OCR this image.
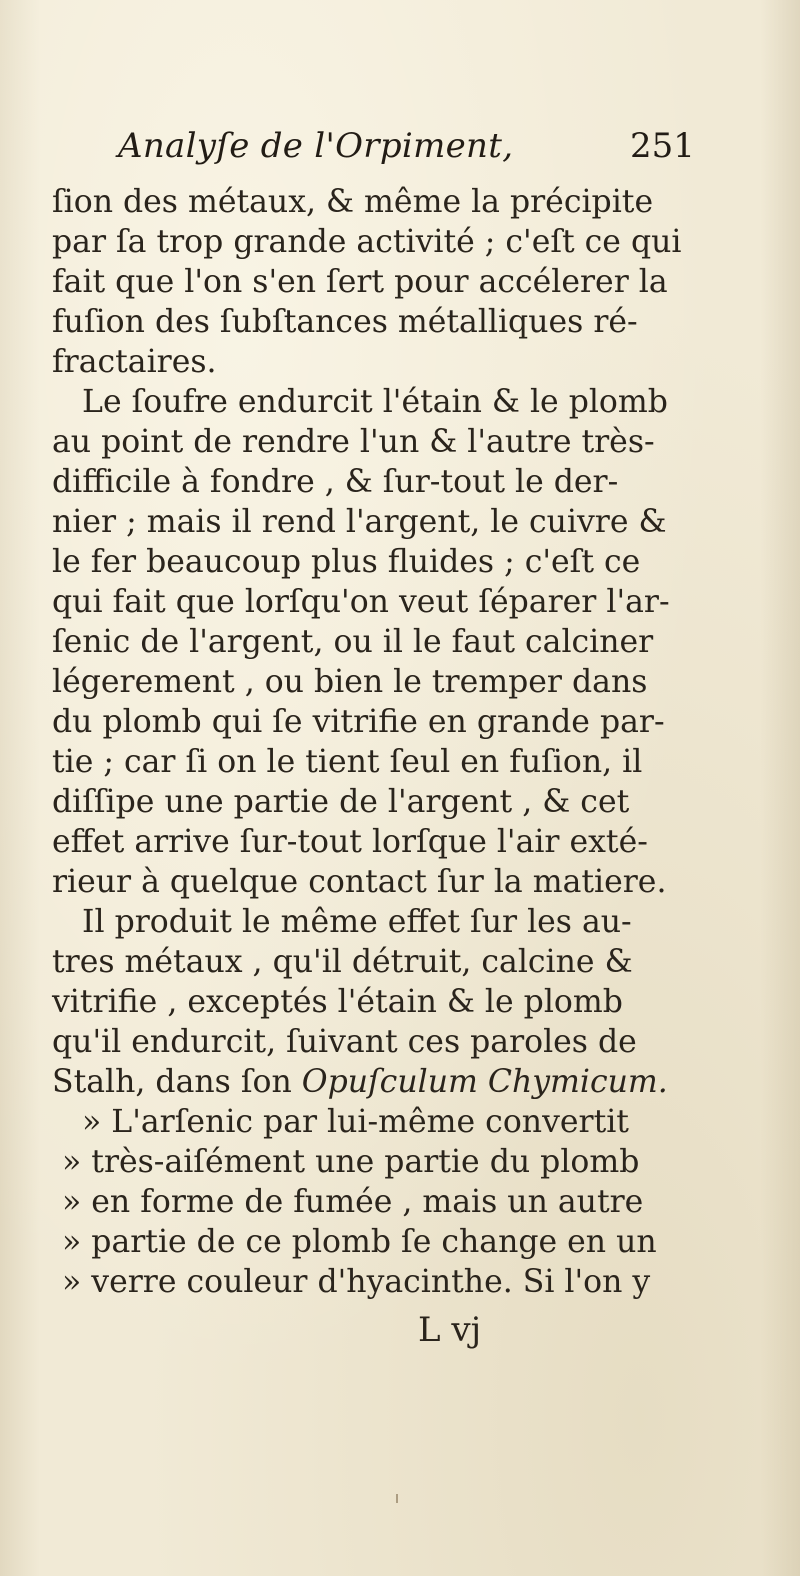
Analyſe de l'Orpiment,	251
ſion des métaux, & même la précipite
par ſa trop grande activité ; c'eſt ce qui
fait que l'on s'en ſert pour accélerer la
fuſion des ſubſtances métalliques ré-
fractaires.
Le ſoufre endurcit l'étain & le plomb
au point de rendre l'un & l'autre très-
difficile à fondre , & ſur-tout le der-
nier ; mais il rend l'argent, le cuivre &
le fer beaucoup plus fluides ; c'eſt ce
qui fait que lorſqu'on veut ſéparer l'ar-
ſenic de l'argent, ou il le faut calciner
légerement , ou bien le tremper dans
du plomb qui ſe vitrifie en grande par-
tie ; car ſi on le tient ſeul en fuſion, il
diſſipe une partie de l'argent , & cet
effet arrive ſur-tout lorſque l'air exté-
rieur à quelque contact ſur la matiere.
Il produit le même effet ſur les au-
tres métaux , qu'il détruit, calcine &
vitrifie , exceptés l'étain & le plomb
qu'il endurcit, ſuivant ces paroles de
Stalh, dans ſon Opuſculum Chymicum.
» L'arſenic par lui-même convertit
» très-aiſément une partie du plomb
» en forme de fumée , mais un autre
» partie de ce plomb ſe change en un
» verre couleur d'hyacinthe. Si l'on y
L vj
